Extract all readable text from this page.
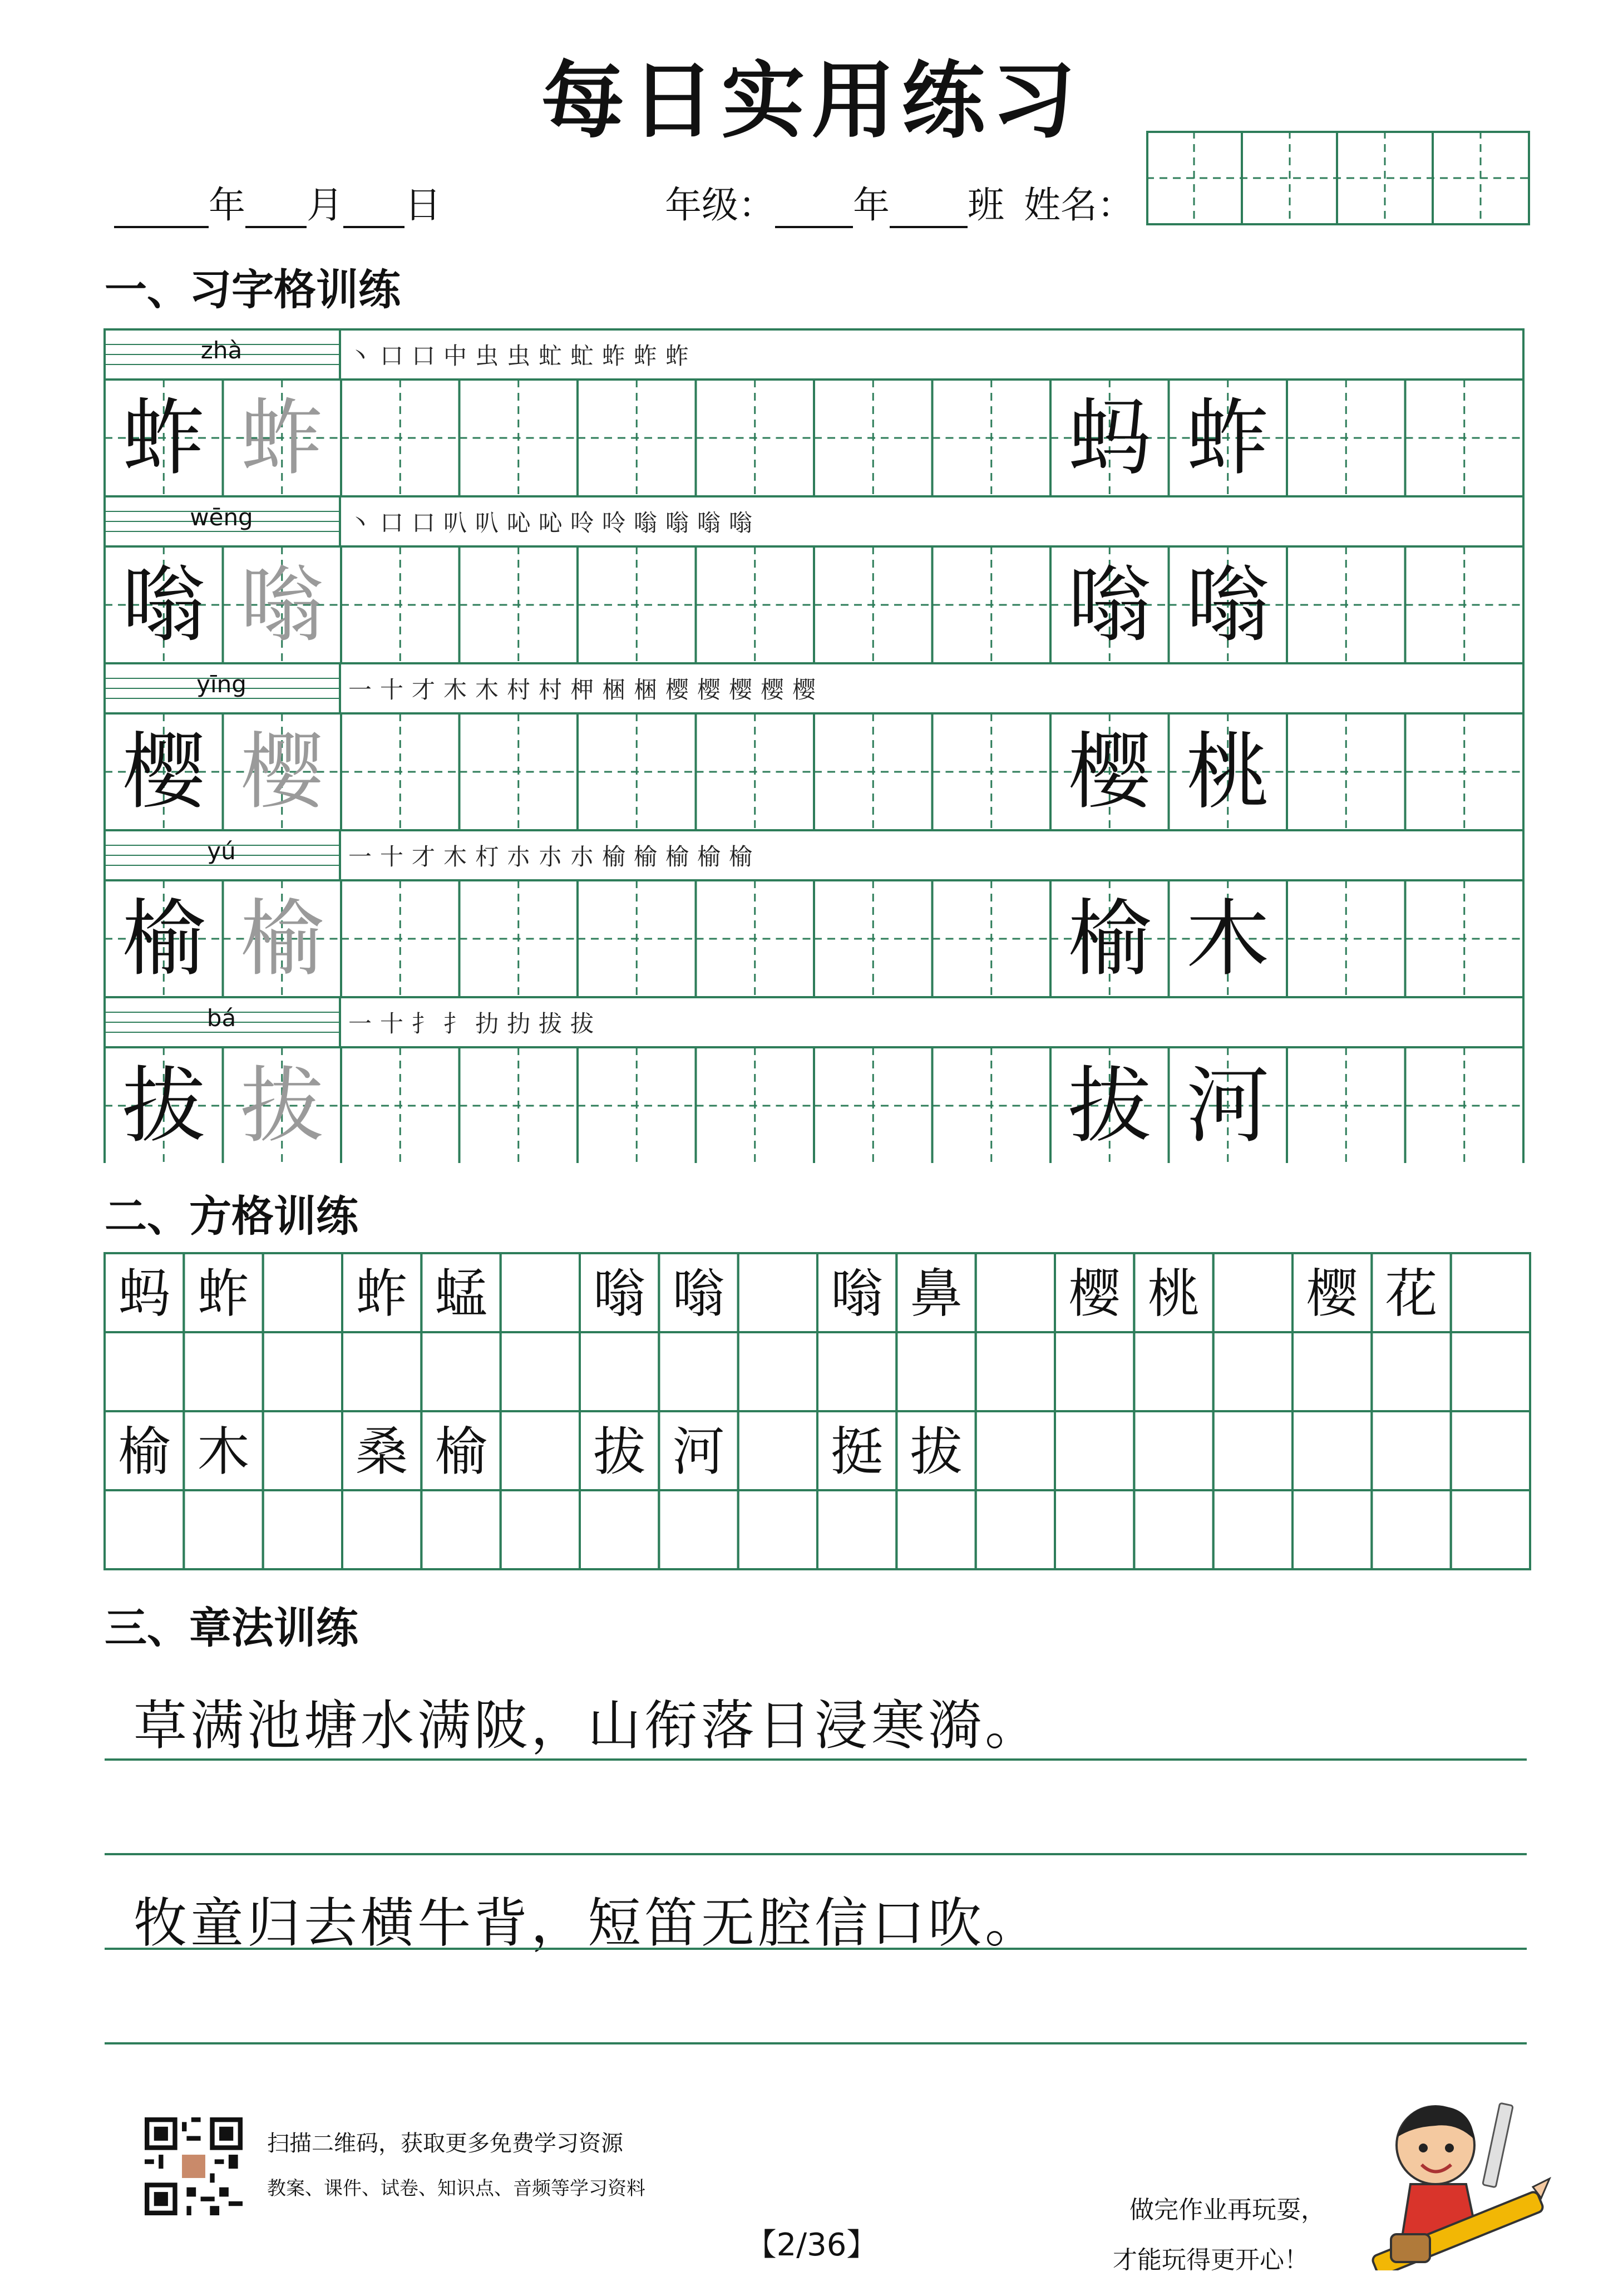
每日实用练习
年 月 日	年级： 年 班 姓名：
一、习字格训练
zhà	丶 口 口 中 虫 虫 虻 虻 蚱 蚱 蚱
蚱 蚱	蚂 蚱
wēng	丶 口 口 叭 叭 吣 吣 呤 呤 嗡 嗡 嗡 嗡
嗡 嗡	嗡 嗡
yīng	一 十 才 木 木 村 村 柙 梱 梱 樱 樱 樱 樱 樱
樱 樱	樱 桃
yú	一 十 才 木 朾 朩 朩 朩 榆 榆 榆 榆 榆
榆 榆	榆 木
bá	一 十 扌 扌 扐 扐 拔 拔
拔 拔	拔 河
二、方格训练
蚂 蚱 蚱 蜢 嗡 嗡 嗡 鼻 樱 桃 樱 花
榆 木 桑 榆 拔 河 挺 拔
三、章法训练
草满池塘水满陂，山衔落日浸寒漪。
牧童归去横牛背，短笛无腔信口吹。
扫描二维码，获取更多免费学习资源
教案、课件、试卷、知识点、音频等学习资料
做完作业再玩耍，
才能玩得更开心！
【2/36】
